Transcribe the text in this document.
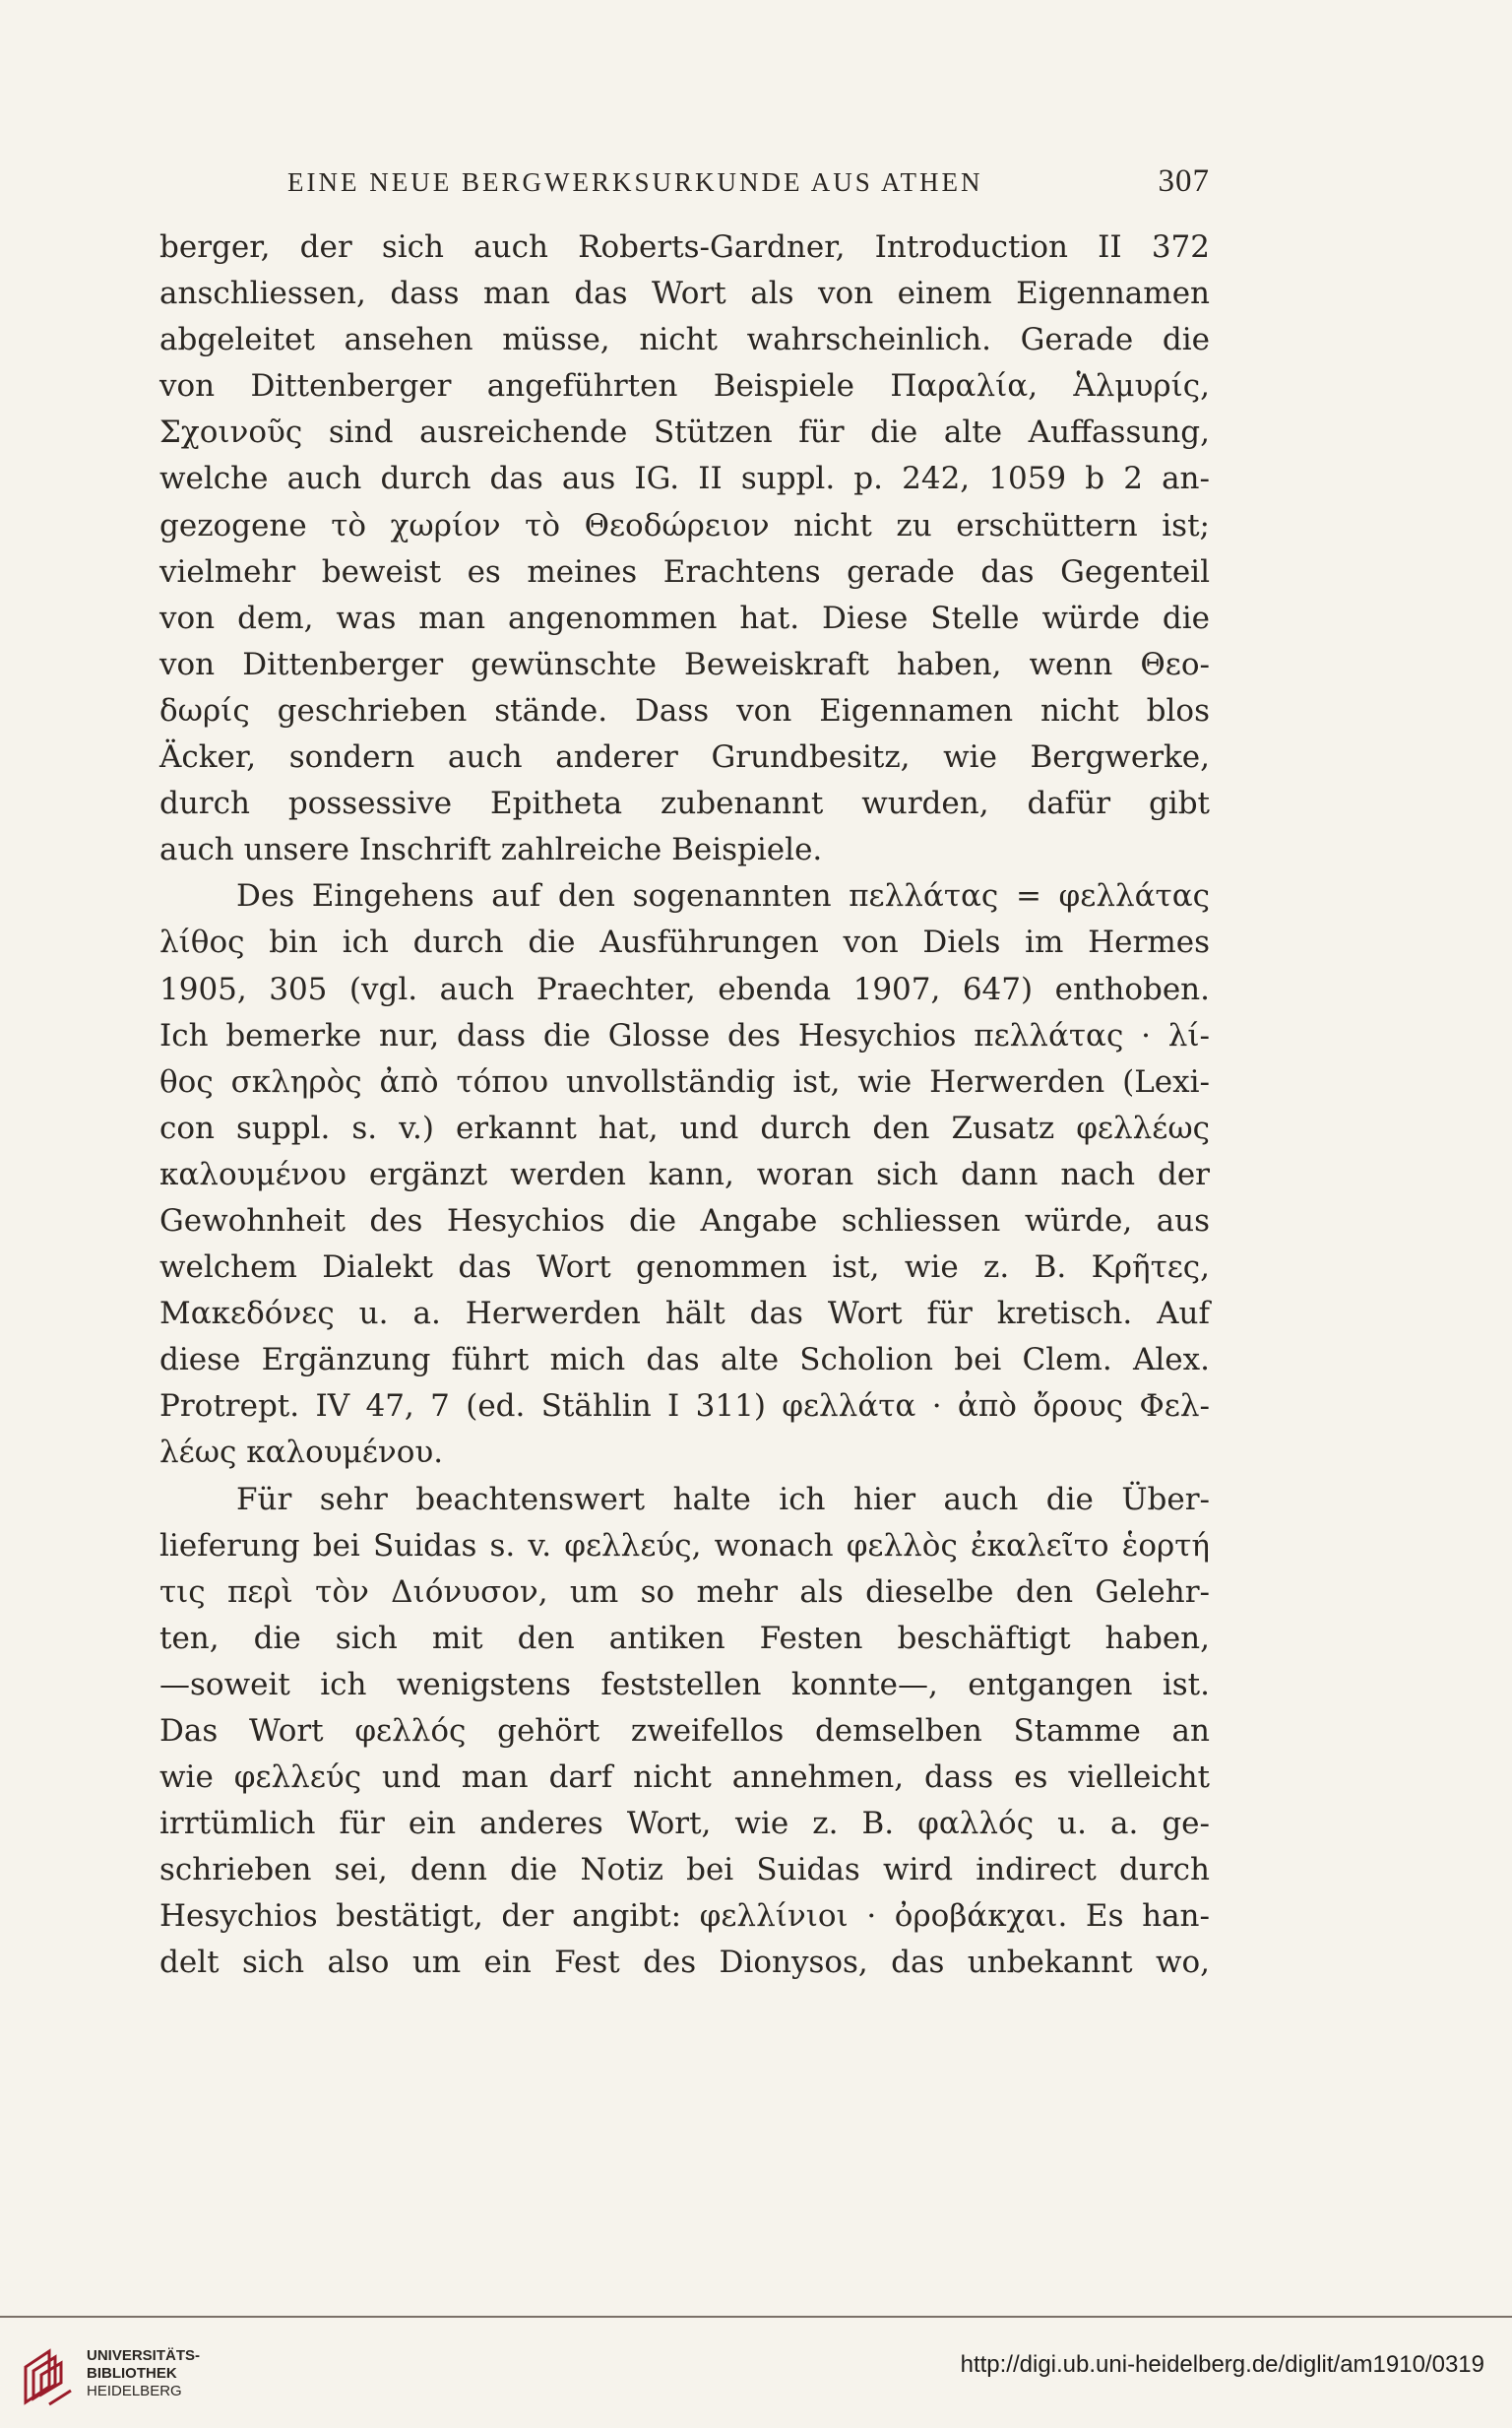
EINE NEUE BERGWERKSURKUNDE AUS ATHEN	307
berger, der sich auch Roberts-Gardner, Introduction II 372
anschliessen, dass man das Wort als von einem Eigennamen
abgeleitet ansehen müsse, nicht wahrscheinlich. Gerade die
von Dittenberger angeführten Beispiele Παραλία, Ἁλμυρίς,
Σχοινοῦς sind ausreichende Stützen für die alte Auffassung,
welche auch durch das aus IG. II suppl. p. 242, 1059 b 2 an-
gezogene τὸ χωρίον τὸ Θεοδώρειον nicht zu erschüttern ist;
vielmehr beweist es meines Erachtens gerade das Gegenteil
von dem, was man angenommen hat. Diese Stelle würde die
von Dittenberger gewünschte Beweiskraft haben, wenn Θεο-
δωρίς geschrieben stände. Dass von Eigennamen nicht blos
Äcker, sondern auch anderer Grundbesitz, wie Bergwerke,
durch possessive Epitheta zubenannt wurden, dafür gibt
auch unsere Inschrift zahlreiche Beispiele.
Des Eingehens auf den sogenannten πελλάτας = φελλάτας
λίθος bin ich durch die Ausführungen von Diels im Hermes
1905, 305 (vgl. auch Praechter, ebenda 1907, 647) enthoben.
Ich bemerke nur, dass die Glosse des Hesychios πελλάτας · λί-
θος σκληρὸς ἀπὸ τόπου unvollständig ist, wie Herwerden (Lexi-
con suppl. s. v.) erkannt hat, und durch den Zusatz φελλέως
καλουμένου ergänzt werden kann, woran sich dann nach der
Gewohnheit des Hesychios die Angabe schliessen würde, aus
welchem Dialekt das Wort genommen ist, wie z. B. Κρῆτες,
Μακεδόνες u. a. Herwerden hält das Wort für kretisch. Auf
diese Ergänzung führt mich das alte Scholion bei Clem. Alex.
Protrept. IV 47, 7 (ed. Stählin I 311) φελλάτα · ἀπὸ ὄρους Φελ-
λέως καλουμένου.
Für sehr beachtenswert halte ich hier auch die Über-
lieferung bei Suidas s. v. φελλεύς, wonach φελλὸς ἐκαλεῖτο ἑορτή
τις περὶ τὸν Διόνυσον, um so mehr als dieselbe den Gelehr-
ten, die sich mit den antiken Festen beschäftigt haben,
—soweit ich wenigstens feststellen konnte—, entgangen ist.
Das Wort φελλός gehört zweifellos demselben Stamme an
wie φελλεύς und man darf nicht annehmen, dass es vielleicht
irrtümlich für ein anderes Wort, wie z. B. φαλλός u. a. ge-
schrieben sei, denn die Notiz bei Suidas wird indirect durch
Hesychios bestätigt, der angibt: φελλίνιοι · ὀροβάκχαι. Es han-
delt sich also um ein Fest des Dionysos, das unbekannt wo,
UNIVERSITÄTS-
BIBLIOTHEK
HEIDELBERG
http://digi.ub.uni-heidelberg.de/diglit/am1910/0319
